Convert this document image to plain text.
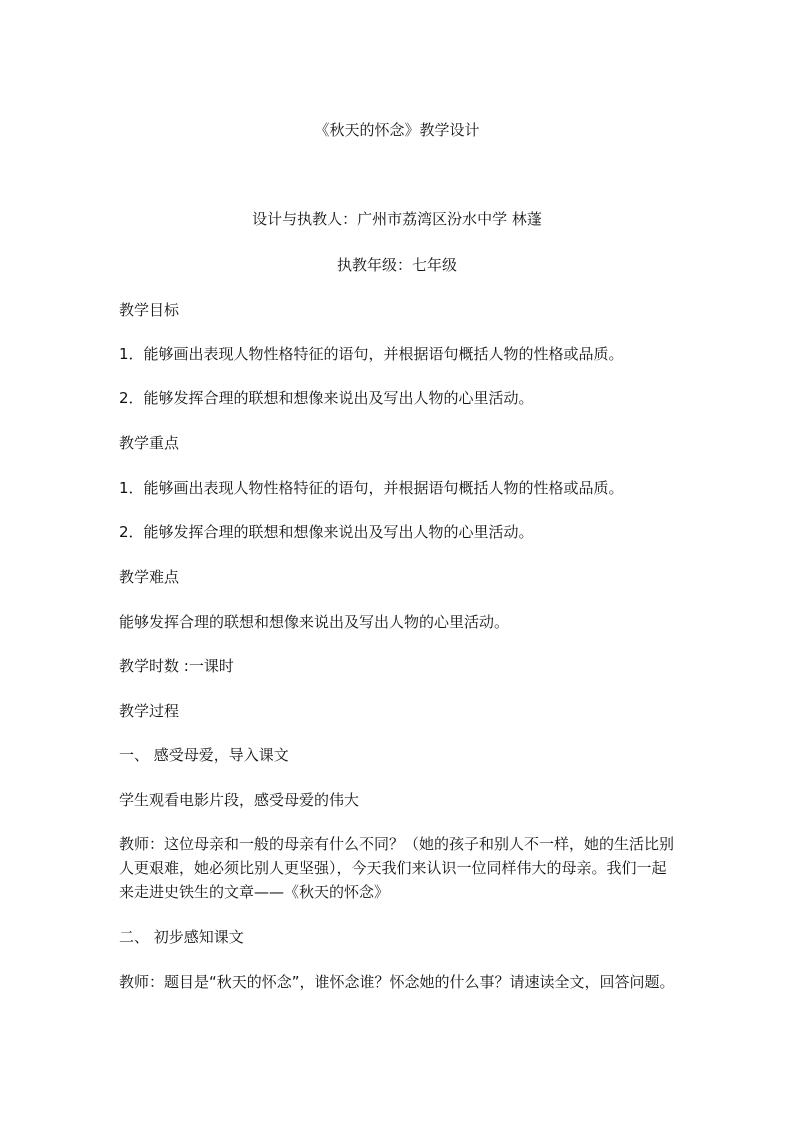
《秋天的怀念》教学设计
设计与执教人：广州市荔湾区汾水中学 林蓬
执教年级：七年级
教学目标
1．能够画出表现人物性格特征的语句，并根据语句概括人物的性格或品质。
2．能够发挥合理的联想和想像来说出及写出人物的心里活动。
教学重点
1．能够画出表现人物性格特征的语句，并根据语句概括人物的性格或品质。
2．能够发挥合理的联想和想像来说出及写出人物的心里活动。
教学难点
能够发挥合理的联想和想像来说出及写出人物的心里活动。
教学时数 :一课时
教学过程
一、 感受母爱，导入课文
学生观看电影片段，感受母爱的伟大
教师：这位母亲和一般的母亲有什么不同？（她的孩子和别人不一样，她的生活比别人更艰难，她必须比别人更坚强），今天我们来认识一位同样伟大的母亲。我们一起来走进史铁生的文章——《秋天的怀念》
二、 初步感知课文
教师：题目是“秋天的怀念”，谁怀念谁？怀念她的什么事？请速读全文，回答问题。
